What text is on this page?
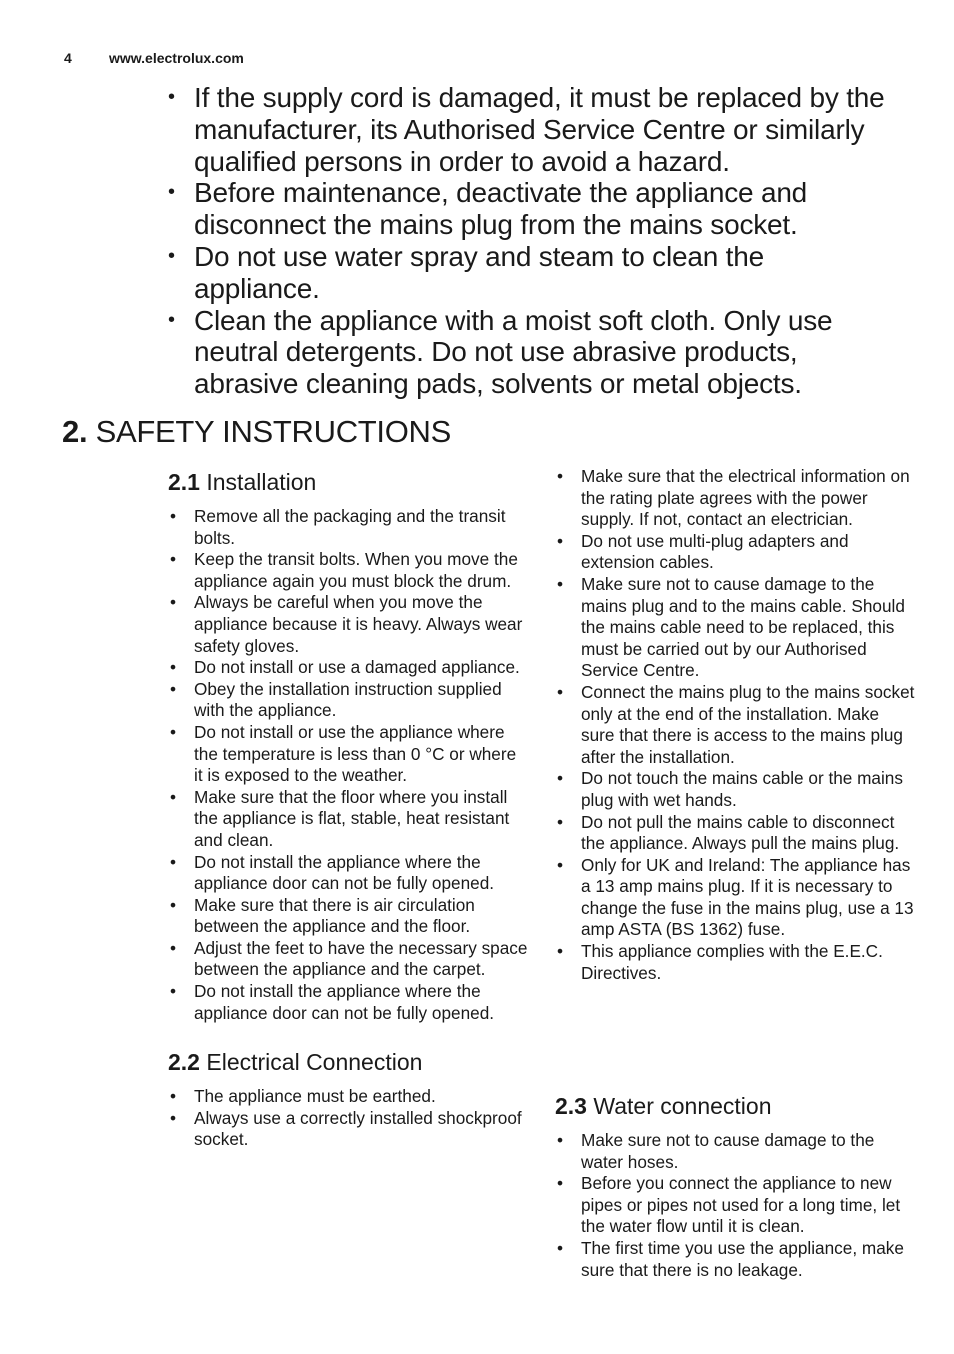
4	www.electrolux.com
• If the supply cord is damaged, it must be replaced by the manufacturer, its Authorised Service Centre or similarly qualified persons in order to avoid a hazard.
• Before maintenance, deactivate the appliance and disconnect the mains plug from the mains socket.
• Do not use water spray and steam to clean the appliance.
• Clean the appliance with a moist soft cloth. Only use neutral detergents. Do not use abrasive products, abrasive cleaning pads, solvents or metal objects.
2. SAFETY INSTRUCTIONS
2.1 Installation
• Remove all the packaging and the transit bolts.
• Keep the transit bolts. When you move the appliance again you must block the drum.
• Always be careful when you move the appliance because it is heavy. Always wear safety gloves.
• Do not install or use a damaged appliance.
• Obey the installation instruction supplied with the appliance.
• Do not install or use the appliance where the temperature is less than 0 °C or where it is exposed to the weather.
• Make sure that the floor where you install the appliance is flat, stable, heat resistant and clean.
• Do not install the appliance where the appliance door can not be fully opened.
• Make sure that there is air circulation between the appliance and the floor.
• Adjust the feet to have the necessary space between the appliance and the carpet.
• Do not install the appliance where the appliance door can not be fully opened.
2.2 Electrical Connection
• The appliance must be earthed.
• Always use a correctly installed shockproof socket.
• Make sure that the electrical information on the rating plate agrees with the power supply. If not, contact an electrician.
• Do not use multi-plug adapters and extension cables.
• Make sure not to cause damage to the mains plug and to the mains cable. Should the mains cable need to be replaced, this must be carried out by our Authorised Service Centre.
• Connect the mains plug to the mains socket only at the end of the installation. Make sure that there is access to the mains plug after the installation.
• Do not touch the mains cable or the mains plug with wet hands.
• Do not pull the mains cable to disconnect the appliance. Always pull the mains plug.
• Only for UK and Ireland: The appliance has a 13 amp mains plug. If it is necessary to change the fuse in the mains plug, use a 13 amp ASTA (BS 1362) fuse.
• This appliance complies with the E.E.C. Directives.
2.3 Water connection
• Make sure not to cause damage to the water hoses.
• Before you connect the appliance to new pipes or pipes not used for a long time, let the water flow until it is clean.
• The first time you use the appliance, make sure that there is no leakage.
